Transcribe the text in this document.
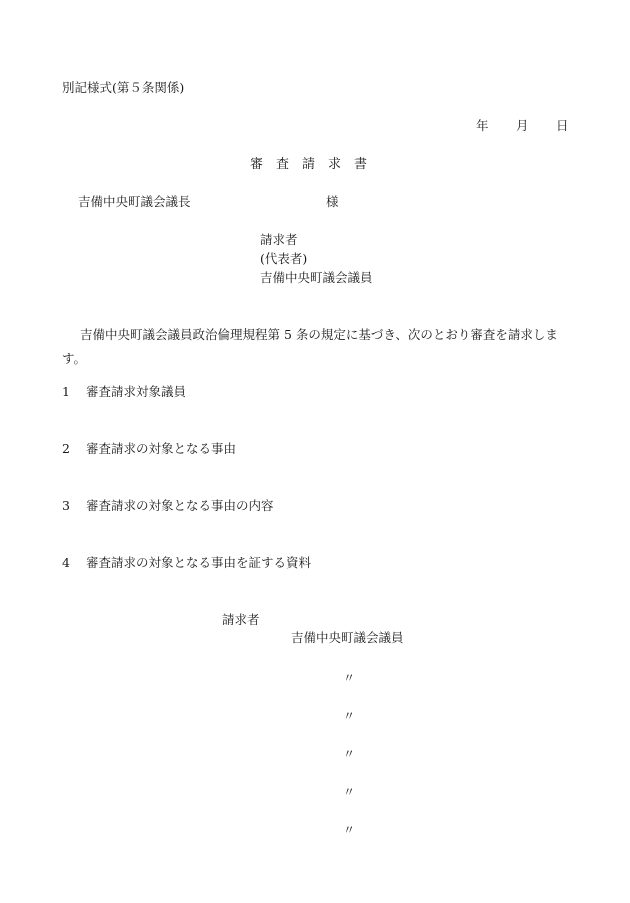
別記様式(第５条関係)
年 月 日
審　査　請　求　書
吉備中央町議会議長	様
請求者
(代表者)
吉備中央町議会議員
吉備中央町議会議員政治倫理規程第 5 条の規定に基づき、次のとおり審査を請求します。
1 審査請求対象議員
2 審査請求の対象となる事由
3 審査請求の対象となる事由の内容
4 審査請求の対象となる事由を証する資料
請求者
吉備中央町議会議員
〃
〃
〃
〃
〃
